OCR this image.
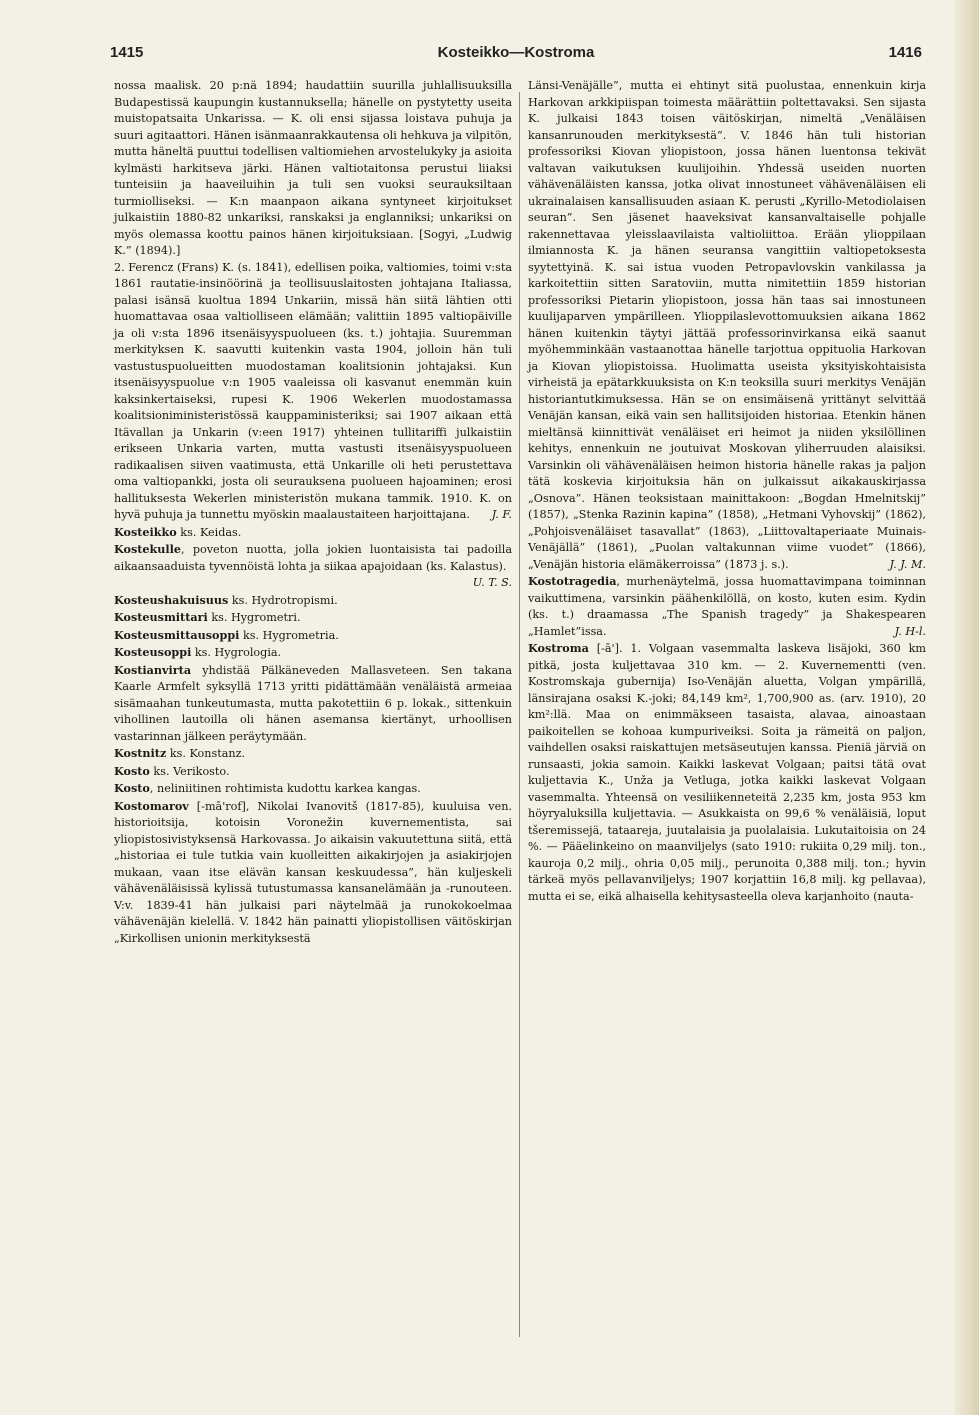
1415	Kosteikko—Kostroma	1416

nossa maalisk. 20 p:nä 1894; haudattiin suurilla juhlallisuuksilla Budapestissä kaupungin kustannuksella; hänelle on pystytetty useita muistopatsaita Unkarissa. — K. oli ensi sijassa loistava puhuja ja suuri agitaattori. Hänen isänmaanrakkautensa oli hehkuva ja vilpitön, mutta häneltä puuttui todellisen valtiomiehen arvostelukyky ja asioita kylmästi harkitseva järki. Hänen valtiotaitonsa perustui liiaksi tunteisiin ja haaveiluihin ja tuli sen vuoksi seurauksiltaan turmiolliseksi. — K:n maanpaon aikana syntyneet kirjoitukset julkaistiin 1880-82 unkariksi, ranskaksi ja englanniksi; unkariksi on myös olemassa koottu painos hänen kirjoituksiaan. [Sogyi, „Ludwig K.” (1894).]

2. Ferencz (Frans) K. (s. 1841), edellisen poika, valtiomies, toimi v:sta 1861 rautatie-insinöörinä ja teollisuuslaitosten johtajana Italiassa, palasi isänsä kuoltua 1894 Unkariin, missä hän siitä lähtien otti huomattavaa osaa valtiolliseen elämään; valittiin 1895 valtiopäiville ja oli v:sta 1896 itsenäisyyspuolueen (ks. t.) johtajia. Suuremman merkityksen K. saavutti kuitenkin vasta 1904, jolloin hän tuli vastustuspuolueitten muodostaman koalitsionin johtajaksi. Kun itsenäisyyspuolue v:n 1905 vaaleissa oli kasvanut enemmän kuin kaksinkertaiseksi, rupesi K. 1906 Wekerlen muodostamassa koalitsioniministeristössä kauppaministeriksi; sai 1907 aikaan että Itävallan ja Unkarin (v:een 1917) yhteinen tullitariffi julkaistiin erikseen Unkaria varten, mutta vastusti itsenäisyyspuolueen radikaalisen siiven vaatimusta, että Unkarille oli heti perustettava oma valtiopankki, josta oli seurauksena puolueen hajoaminen; erosi hallituksesta Wekerlen ministeristön mukana tammik. 1910. K. on hyvä puhuja ja tunnettu myöskin maalaustaiteen harjoittajana.	J. F.

Kosteikko ks. Keidas.

Kostekulle, poveton nuotta, jolla jokien luontaisista tai padoilla aikaansaaduista tyvennöistä lohta ja siikaa apajoidaan (ks. Kalastus).
U. T. S.

Kosteushakuisuus ks. Hydrotropismi.

Kosteusmittari ks. Hygrometri.

Kosteusmittausoppi ks. Hygrometria.

Kosteusoppi ks. Hygrologia.

Kostianvirta yhdistää Pälkäneveden Mallasveteen. Sen takana Kaarle Armfelt syksyllä 1713 yritti pidättämään venäläistä armeiaa sisämaahan tunkeutumasta, mutta pakotettiin 6 p. lokak., sittenkuin vihollinen lautoilla oli hänen asemansa kiertänyt, urhoollisen vastarinnan jälkeen peräytymään.

Kostnitz ks. Konstanz.

Kosto ks. Verikosto.

Kosto, neliniitinen rohtimista kudottu karkea kangas.

Kostomarov [-mā'rof], Nikolai Ivanovitš (1817-85), kuuluisa ven. historioitsija, kotoisin Voronežin kuvernementista, sai yliopistosivistyksensä Harkovassa. Jo aikaisin vakuutettuna siitä, että „historiaa ei tule tutkia vain kuolleitten aikakirjojen ja asiakirjojen mukaan, vaan itse elävän kansan keskuudessa”, hän kuljeskeli vähävenäläisissä kylissä tutustumassa kansanelämään ja -runouteen. V:v. 1839-41 hän julkaisi pari näytelmää ja runokokoelmaa vähävenäjän kielellä. V. 1842 hän painatti yliopistollisen väitöskirjan „Kirkollisen unionin merkityksestä

Länsi-Venäjälle”, mutta ei ehtinyt sitä puolustaa, ennenkuin kirja Harkovan arkkipiispan toimesta määrättiin poltettavaksi. Sen sijasta K. julkaisi 1843 toisen väitöskirjan, nimeltä „Venäläisen kansanrunouden merkityksestä”. V. 1846 hän tuli historian professoriksi Kiovan yliopistoon, jossa hänen luentonsa tekivät valtavan vaikutuksen kuulijoihin. Yhdessä useiden nuorten vähävenäläisten kanssa, jotka olivat innostuneet vähävenäläisen eli ukrainalaisen kansallisuuden asiaan K. perusti „Kyrillo-Metodiolaisen seuran”. Sen jäsenet haaveksivat kansanvaltaiselle pohjalle rakennettavaa yleisslaavilaista valtioliittoa. Erään ylioppilaan ilmiannosta K. ja hänen seuransa vangittiin valtiopetoksesta syytettyinä. K. sai istua vuoden Petropavlovskin vankilassa ja karkoitettiin sitten Saratoviin, mutta nimitettiin 1859 historian professoriksi Pietarin yliopistoon, jossa hän taas sai innostuneen kuulijaparven ympärilleen. Ylioppilaslevottomuuksien aikana 1862 hänen kuitenkin täytyi jättää professorinvirkansa eikä saanut myöhemminkään vastaanottaa hänelle tarjottua oppituolia Harkovan ja Kiovan yliopistoissa. Huolimatta useista yksityiskohtaisista virheistä ja epätarkkuuksista on K:n teoksilla suuri merkitys Venäjän historiantutkimuksessa. Hän se on ensimäisenä yrittänyt selvittää Venäjän kansan, eikä vain sen hallitsijoiden historiaa. Etenkin hänen mieltänsä kiinnittivät venäläiset eri heimot ja niiden yksilöllinen kehitys, ennenkuin ne joutuivat Moskovan yliherruuden alaisiksi. Varsinkin oli vähävenäläisen heimon historia hänelle rakas ja paljon tätä koskevia kirjoituksia hän on julkaissut aikakauskirjassa „Osnova”. Hänen teoksistaan mainittakoon: „Bogdan Hmelnitskij” (1857), „Stenka Razinin kapina” (1858), „Hetmani Vyhovskij” (1862), „Pohjoisvenäläiset tasavallat” (1863), „Liittovaltaperiaate Muinais-Venäjällä” (1861), „Puolan valtakunnan viime vuodet” (1866), „Venäjän historia elämäkerroissa” (1873 j. s.).	J. J. M.

Kostotragedia, murhenäytelmä, jossa huomattavimpana toiminnan vaikuttimena, varsinkin päähenkilöllä, on kosto, kuten esim. Kydin (ks. t.) draamassa „The Spanish tragedy” ja Shakespearen „Hamlet”issa.	J. H-l.

Kostroma [-ā']. 1. Volgaan vasemmalta laskeva lisäjoki, 360 km pitkä, josta kuljettavaa 310 km. — 2. Kuvernementti (ven. Kostromskaja gubernija) Iso-Venäjän aluetta, Volgan ympärillä, länsirajana osaksi K.-joki; 84,149 km², 1,700,900 as. (arv. 1910), 20 km²:llä. Maa on enimmäkseen tasaista, alavaa, ainoastaan paikoitellen se kohoaa kumpuriveiksi. Soita ja rämeitä on paljon, vaihdellen osaksi raiskattujen metsäseutujen kanssa. Pieniä järviä on runsaasti, jokia samoin. Kaikki laskevat Volgaan; paitsi tätä ovat kuljettavia K., Unža ja Vetluga, jotka kaikki laskevat Volgaan vasemmalta. Yhteensä on vesiliikenneteitä 2,235 km, josta 953 km höyryaluksilla kuljettavia. — Asukkaista on 99,6 % venäläisiä, loput tšeremissejä, tataareja, juutalaisia ja puolalaisia. Lukutaitoisia on 24 %. — Pääelinkeino on maanviljelys (sato 1910: rukiita 0,29 milj. ton., kauroja 0,2 milj., ohria 0,05 milj., perunoita 0,388 milj. ton.; hyvin tärkeä myös pellavanviljelys; 1907 korjattiin 16,8 milj. kg pellavaa), mutta ei se, eikä alhaisella kehitysasteella oleva karjanhoito (nauta-
